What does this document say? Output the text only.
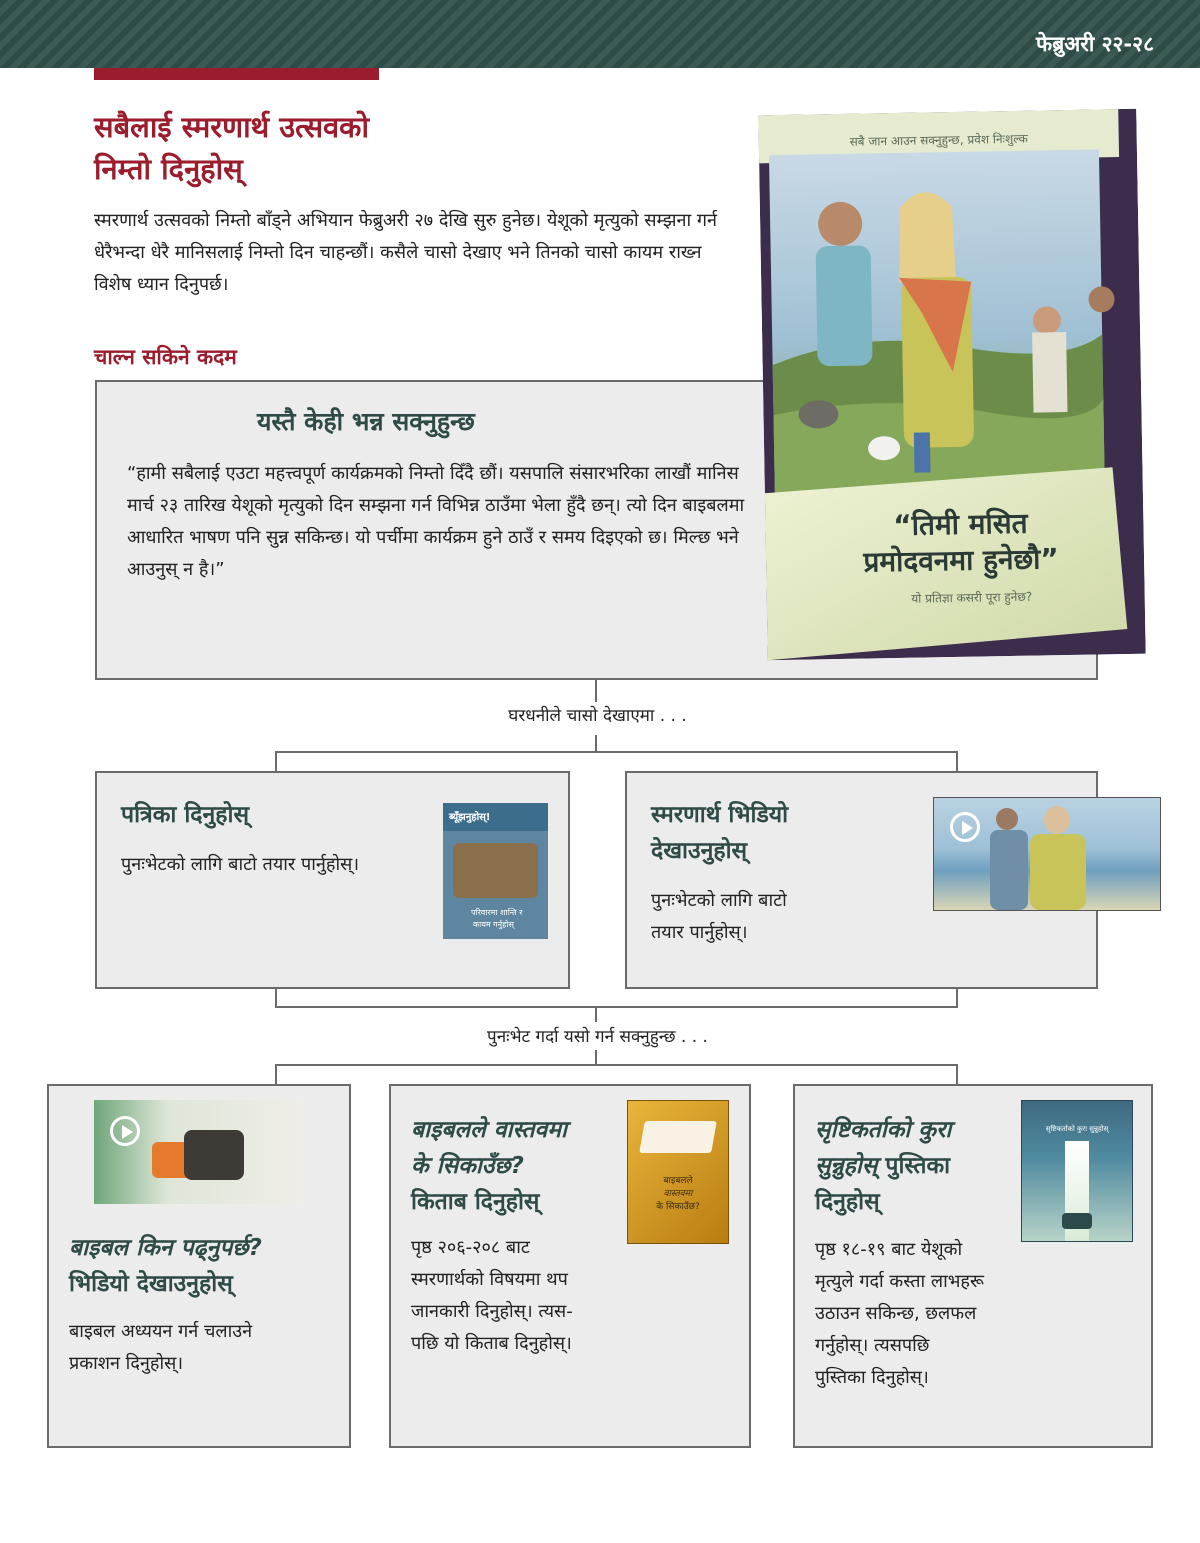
फेब्रुअरी २२-२८
सबैलाई स्मरणार्थ उत्सवको
निम्तो दिनुहोस्

स्मरणार्थ उत्सवको निम्तो बाँड्ने अभियान फेब्रुअरी २७ देखि सुरु हुनेछ। येशूको मृत्युको सम्झना गर्न धेरैभन्दा धेरै मानिसलाई निम्तो दिन चाहन्छौं। कसैले चासो देखाए भने तिनको चासो कायम राख्न विशेष ध्यान दिनुपर्छ।

चाल्न सकिने कदम
यस्तै केही भन्न सक्नुहुन्छ

“हामी सबैलाई एउटा महत्त्वपूर्ण कार्यक्रमको निम्तो दिँदै छौं। यसपालि संसारभरिका लाखौं मानिस मार्च २३ तारिख येशूको मृत्युको दिन सम्झना गर्न विभिन्न ठाउँमा भेला हुँदै छन्। त्यो दिन बाइबलमा आधारित भाषण पनि सुन्न सकिन्छ। यो पर्चीमा कार्यक्रम हुने ठाउँ र समय दिइएको छ। मिल्छ भने आउनुस् न है।”

सबै जान आउन सक्नुहुन्छ, प्रवेश निःशुल्क
“तिमी मसित
प्रमोदवनमा हुनेछौ”
यो प्रतिज्ञा कसरी पूरा हुनेछ?
घरधनीले चासो देखाएमा . . .
पत्रिका दिनुहोस्

पुनःभेटको लागि बाटो तयार पार्नुहोस्।

ब्यूँझनुहोस्!
परिवारमा शान्ति र
कायम गर्नुहोस्
स्मरणार्थ भिडियो
देखाउनुहोस्

पुनःभेटको लागि बाटो
तयार पार्नुहोस्।

पुनःभेट गर्दा यसो गर्न सक्नुहुन्छ . . .
बाइबल किन पढ्नुपर्छ?
भिडियो देखाउनुहोस्

बाइबल अध्ययन गर्न चलाउने
प्रकाशन दिनुहोस्।

बाइबलले वास्तवमा
के सिकाउँछ?
किताब दिनुहोस्

पृष्ठ २०६-२०८ बाट
स्मरणार्थको विषयमा थप
जानकारी दिनुहोस्। त्यस-
पछि यो किताब दिनुहोस्।

बाइबलले
वास्तवमा
के सिकाउँछ?
सृष्टिकर्ताको कुरा
सुन्नुहोस् पुस्तिका
दिनुहोस्

पृष्ठ १८-१९ बाट येशूको
मृत्युले गर्दा कस्ता लाभहरू
उठाउन सकिन्छ, छलफल
गर्नुहोस्। त्यसपछि
पुस्तिका दिनुहोस्।

सृष्टिकर्ताको कुरा सुन्नुहोस्
